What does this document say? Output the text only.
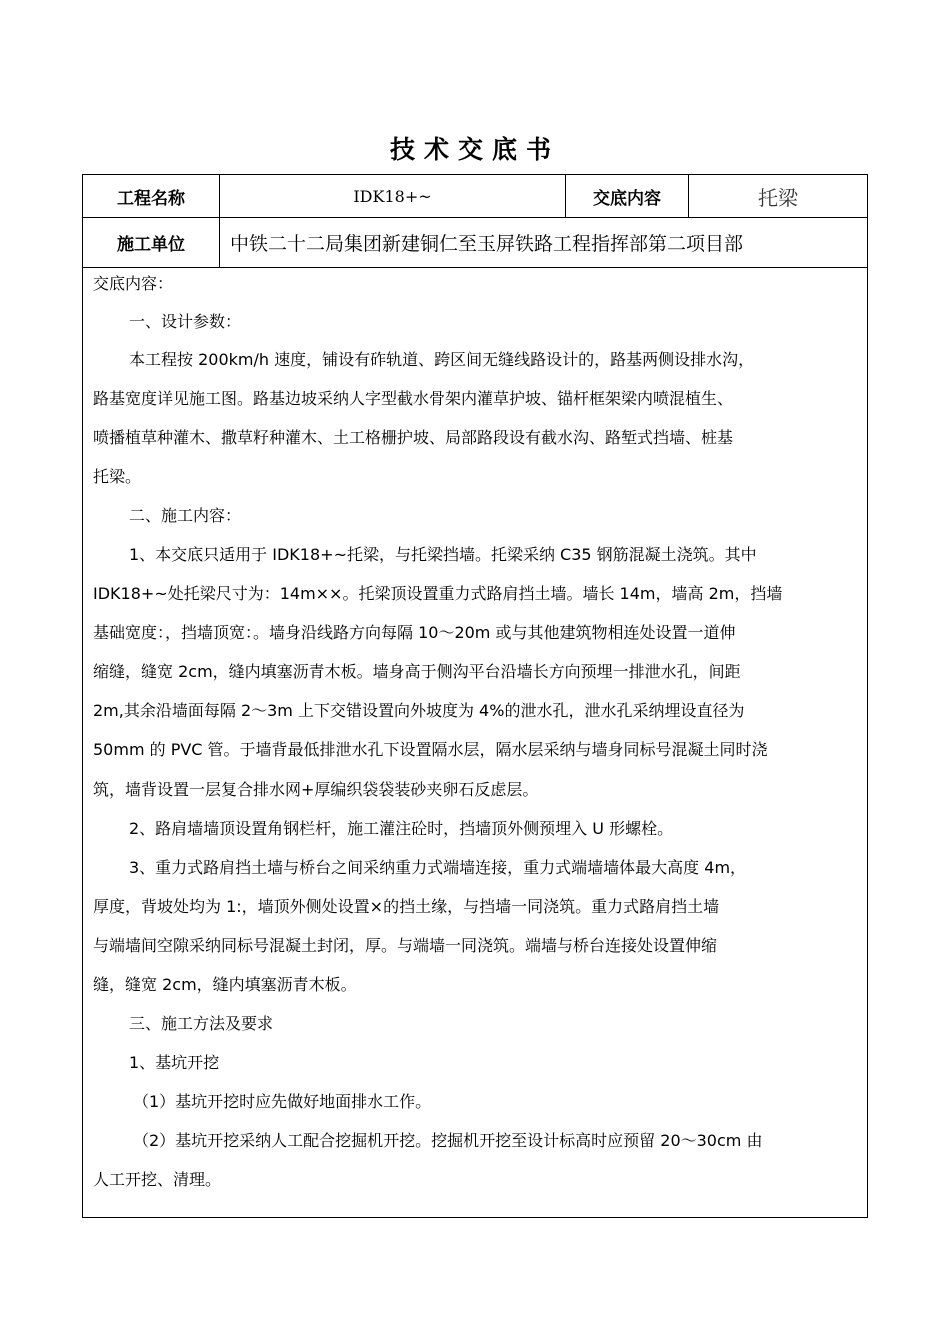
技术交底书
工程名称	IDK18+~	交底内容	托梁
施工单位	中铁二十二局集团新建铜仁至玉屏铁路工程指挥部第二项目部
交底内容：
一、设计参数：
本工程按 200km/h 速度，铺设有砟轨道、跨区间无缝线路设计的，路基两侧设排水沟，
路基宽度详见施工图。路基边坡采纳人字型截水骨架内灌草护坡、锚杆框架梁内喷混植生、
喷播植草种灌木、撒草籽种灌木、土工格栅护坡、局部路段设有截水沟、路堑式挡墙、桩基
托梁。
二、施工内容：
1、本交底只适用于 IDK18+~托梁，与托梁挡墙。托梁采纳 C35 钢筋混凝土浇筑。其中
IDK18+~处托梁尺寸为：14m××。托梁顶设置重力式路肩挡土墙。墙长 14m，墙高 2m，挡墙
基础宽度：，挡墙顶宽：。墙身沿线路方向每隔 10～20m 或与其他建筑物相连处设置一道伸
缩缝，缝宽 2cm，缝内填塞沥青木板。墙身高于侧沟平台沿墙长方向预埋一排泄水孔，间距
2m,其余沿墙面每隔 2～3m 上下交错设置向外坡度为 4%的泄水孔，泄水孔采纳埋设直径为
50mm 的 PVC 管。于墙背最低排泄水孔下设置隔水层，隔水层采纳与墙身同标号混凝土同时浇
筑，墙背设置一层复合排水网+厚编织袋袋装砂夹卵石反虑层。
2、路肩墙墙顶设置角钢栏杆，施工灌注砼时，挡墙顶外侧预埋入 U 形螺栓。
3、重力式路肩挡土墙与桥台之间采纳重力式端墙连接，重力式端墙墙体最大高度 4m，
厚度，背坡处均为 1:，墙顶外侧处设置×的挡土缘，与挡墙一同浇筑。重力式路肩挡土墙
与端墙间空隙采纳同标号混凝土封闭，厚。与端墙一同浇筑。端墙与桥台连接处设置伸缩
缝，缝宽 2cm，缝内填塞沥青木板。
三、施工方法及要求
1、基坑开挖
（1）基坑开挖时应先做好地面排水工作。
（2）基坑开挖采纳人工配合挖掘机开挖。挖掘机开挖至设计标高时应预留 20～30cm 由
人工开挖、清理。
